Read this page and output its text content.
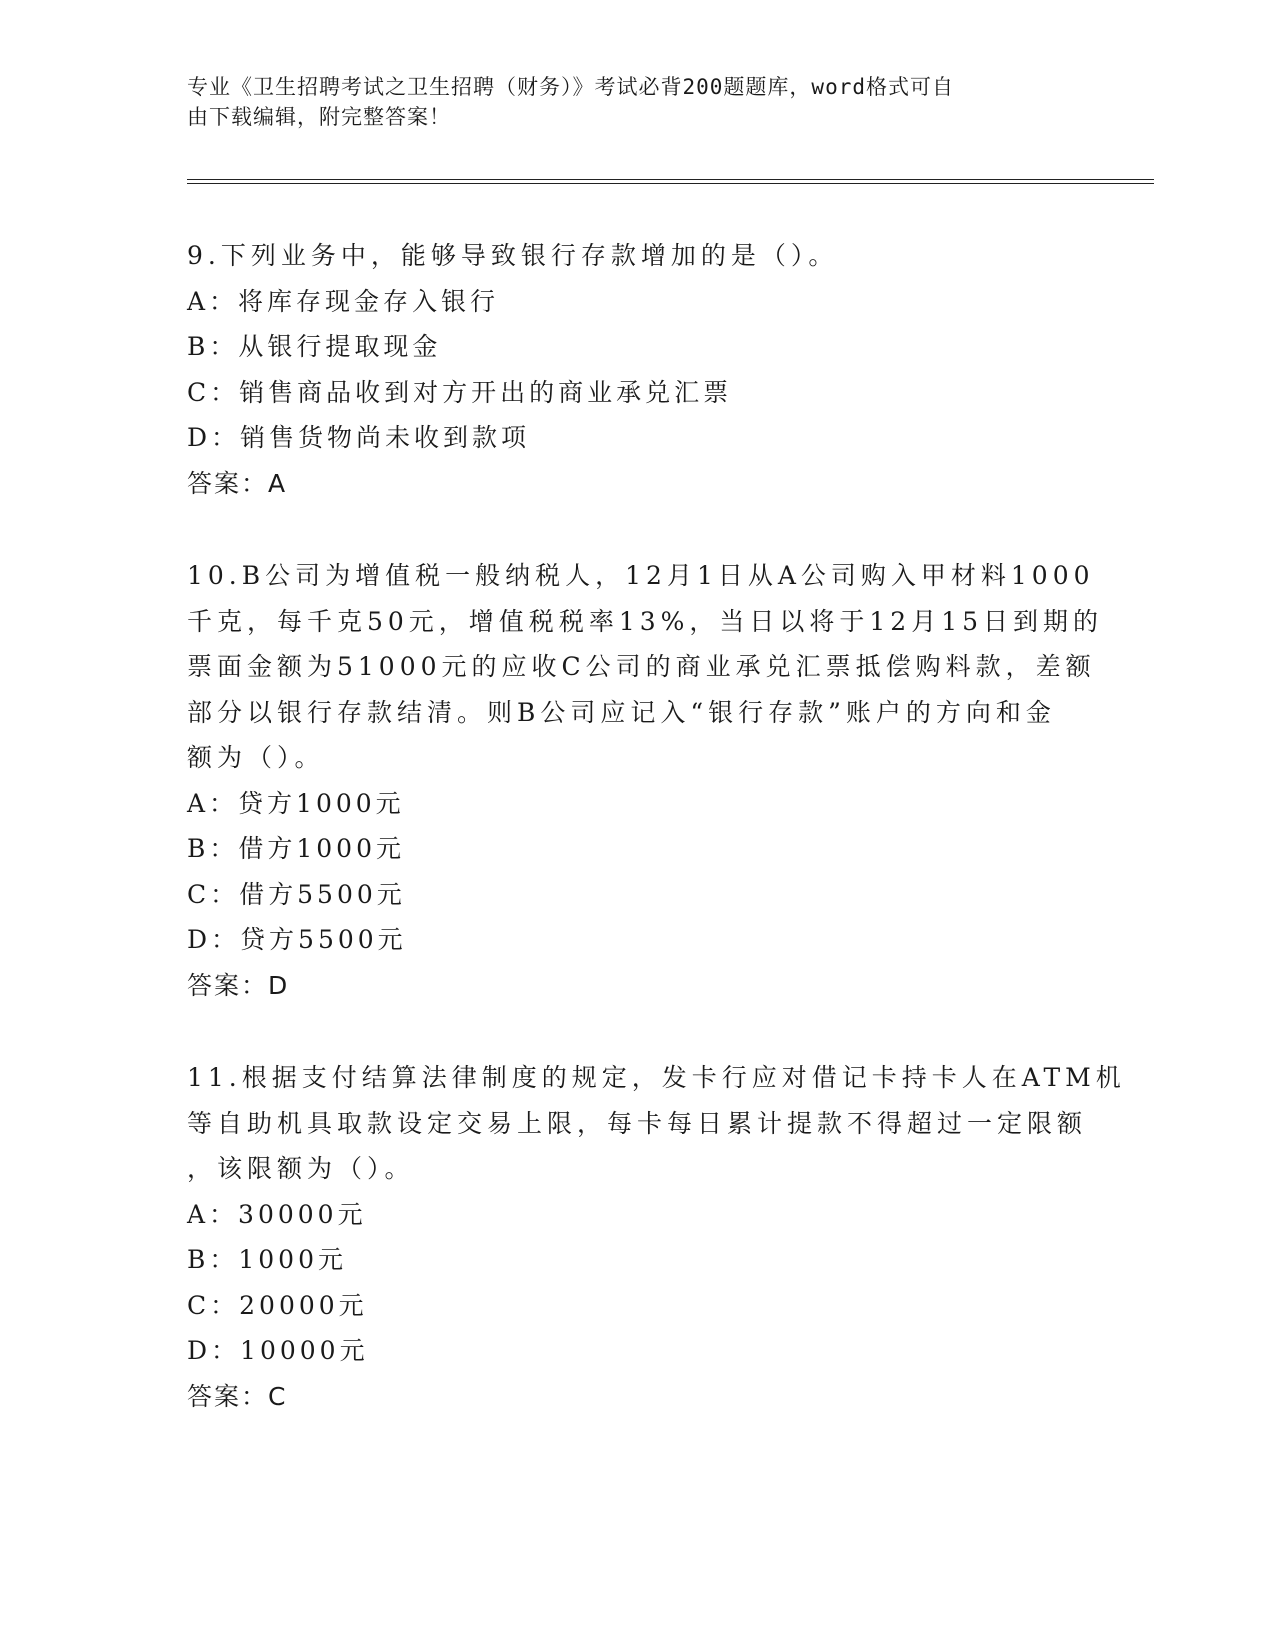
专业《卫生招聘考试之卫生招聘（财务）》考试必背200题题库，word格式可自
由下载编辑，附完整答案！
9.下列业务中，能够导致银行存款增加的是（）。
A：将库存现金存入银行
B：从银行提取现金
C：销售商品收到对方开出的商业承兑汇票
D：销售货物尚未收到款项
答案：A
10.B公司为增值税一般纳税人，12月1日从A公司购入甲材料1000
千克，每千克50元，增值税税率13%，当日以将于12月15日到期的
票面金额为51000元的应收C公司的商业承兑汇票抵偿购料款，差额
部分以银行存款结清。则B公司应记入“银行存款”账户的方向和金
额为（）。
A：贷方1000元
B：借方1000元
C：借方5500元
D：贷方5500元
答案：D
11.根据支付结算法律制度的规定，发卡行应对借记卡持卡人在ATM机
等自助机具取款设定交易上限，每卡每日累计提款不得超过一定限额
，该限额为（）。
A：30000元
B：1000元
C：20000元
D：10000元
答案：C
